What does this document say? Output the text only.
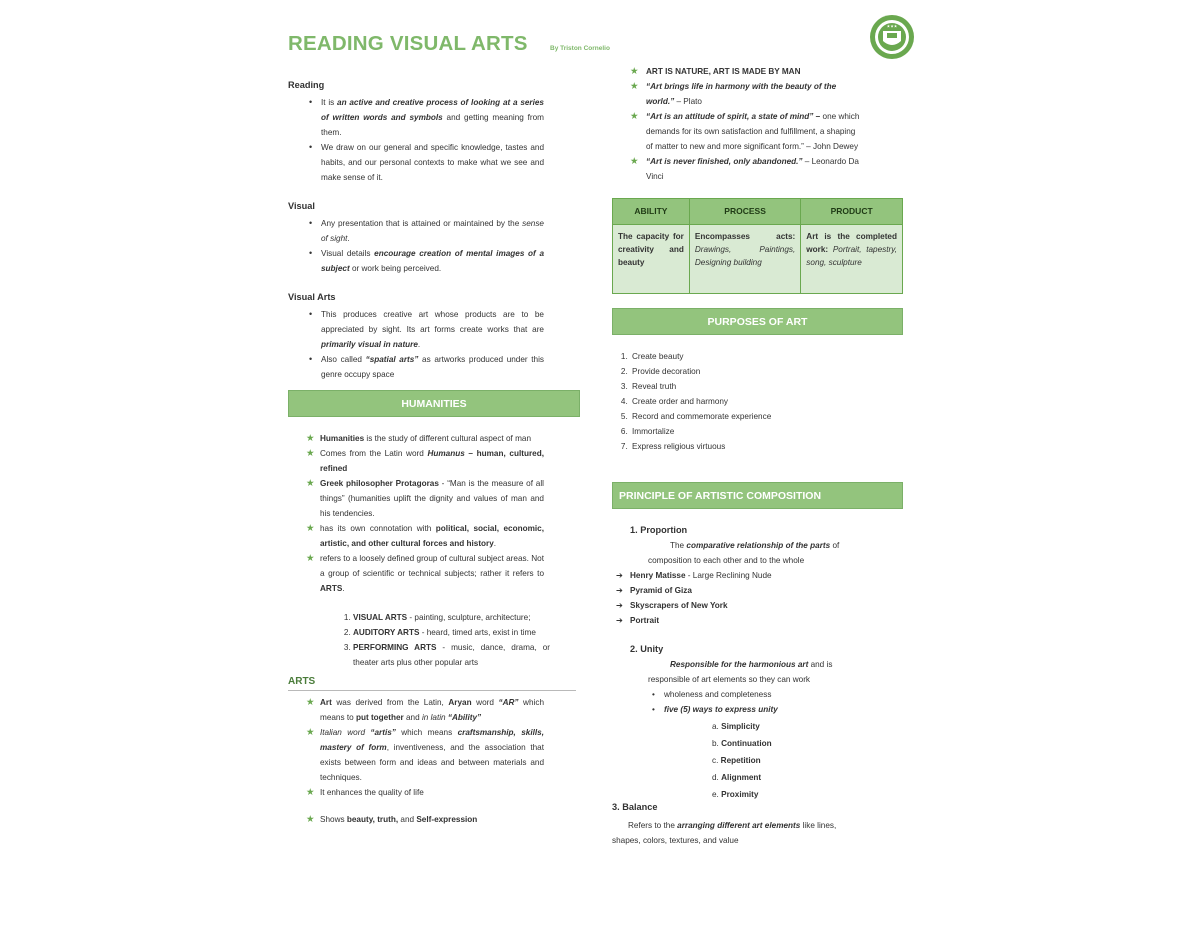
READING VISUAL ARTS	By Triston Cornelio
★★★
Reading
• It is an active and creative process of looking at a series of written words and symbols and getting meaning from them.
• We draw on our general and specific knowledge, tastes and habits, and our personal contexts to make what we see and make sense of it.
Visual
• Any presentation that is attained or maintained by the sense of sight.
• Visual details encourage creation of mental images of a subject or work being perceived.
Visual Arts
• This produces creative art whose products are to be appreciated by sight. Its art forms create works that are primarily visual in nature.
• Also called “spatial arts” as artworks produced under this genre occupy space
HUMANITIES
★ Humanities is the study of different cultural aspect of man
★ Comes from the Latin word Humanus – human, cultured, refined
★ Greek philosopher Protagoras - “Man is the measure of all things” (humanities uplift the dignity and values of man and his tendencies.
★ has its own connotation with political, social, economic, artistic, and other cultural forces and history.
★ refers to a loosely defined group of cultural subject areas. Not a group of scientific or technical subjects; rather it refers to ARTS.
1. VISUAL ARTS - painting, sculpture, architecture;
2. AUDITORY ARTS - heard, timed arts, exist in time
3. PERFORMING ARTS - music, dance, drama, or theater arts plus other popular arts
ARTS
★ Art was derived from the Latin, Aryan word “AR” which means to put together and in latin “Ability”
★ Italian word “artis” which means craftsmanship, skills, mastery of form, inventiveness, and the association that exists between form and ideas and between materials and techniques.
★ It enhances the quality of life
★ Shows beauty, truth, and Self-expression
★ ART IS NATURE, ART IS MADE BY MAN
★ “Art brings life in harmony with the beauty of the world.” – Plato
★ “Art is an attitude of spirit, a state of mind” – one which demands for its own satisfaction and fulfillment, a shaping of matter to new and more significant form.” – John Dewey
★ “Art is never finished, only abandoned.” – Leonardo Da Vinci
ABILITY	PROCESS	PRODUCT
The capacity for creativity and beauty	Encompasses acts: Drawings, Paintings, Designing building	Art is the completed work: Portrait, tapestry, song, sculpture
PURPOSES OF ART
1. Create beauty
2. Provide decoration
3. Reveal truth
4. Create order and harmony
5. Record and commemorate experience
6. Immortalize
7. Express religious virtuous
PRINCIPLE OF ARTISTIC COMPOSITION
1. Proportion
The comparative relationship of the parts of composition to each other and to the whole
➔ Henry Matisse - Large Reclining Nude
➔ Pyramid of Giza
➔ Skyscrapers of New York
➔ Portrait
2. Unity
Responsible for the harmonious art and is responsible of art elements so they can work
• wholeness and completeness
• five (5) ways to express unity
a. Simplicity
b. Continuation
c. Repetition
d. Alignment
e. Proximity
3. Balance
Refers to the arranging different art elements like lines, shapes, colors, textures, and value
